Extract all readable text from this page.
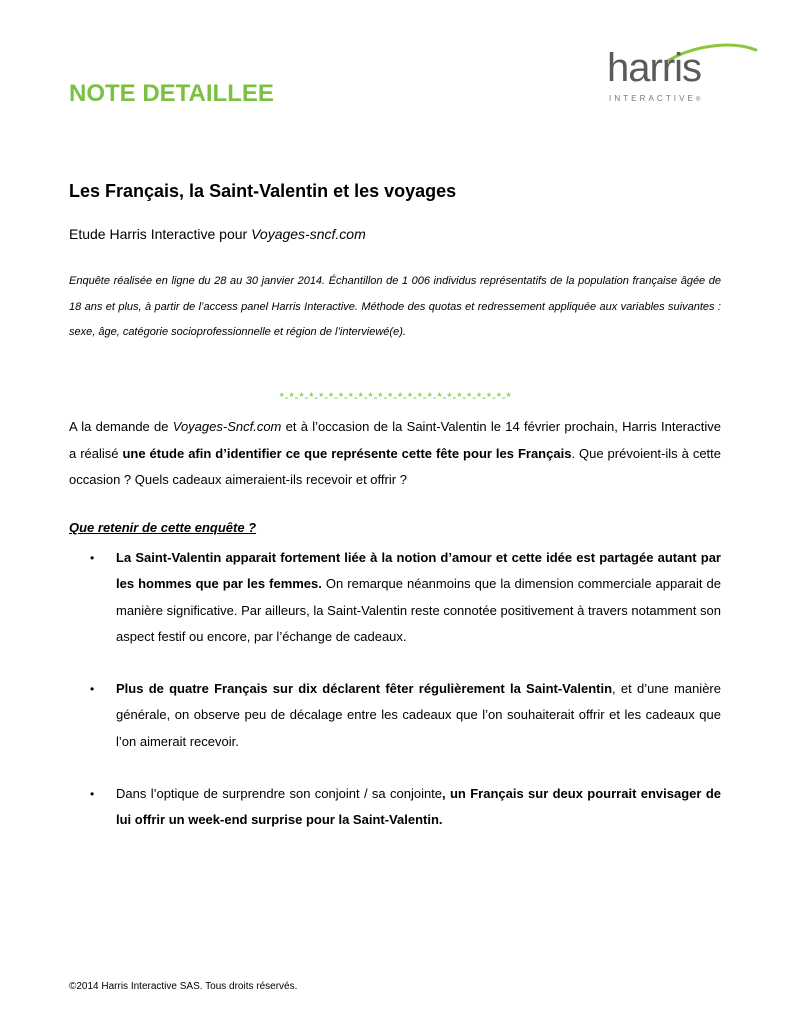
NOTE DETAILLEE
harris
INTERACTIVE®
Les Français, la Saint-Valentin et les voyages
Etude Harris Interactive pour Voyages-sncf.com
Enquête réalisée en ligne du 28 au 30 janvier 2014. Échantillon de 1 006 individus représentatifs de la population française âgée de 18 ans et plus, à partir de l’access panel Harris Interactive. Méthode des quotas et redressement appliquée aux variables suivantes : sexe, âge, catégorie socioprofessionnelle et région de l’interviewé(e).
*-*-*-*-*-*-*-*-*-*-*-*-*-*-*-*-*-*-*-*-*-*-*-*
A la demande de Voyages-Sncf.com et à l’occasion de la Saint-Valentin le 14 février prochain, Harris Interactive a réalisé une étude afin d’identifier ce que représente cette fête pour les Français. Que prévoient-ils à cette occasion ? Quels cadeaux aimeraient-ils recevoir et offrir ?
Que retenir de cette enquête ?
• La Saint-Valentin apparait fortement liée à la notion d’amour et cette idée est partagée autant par les hommes que par les femmes. On remarque néanmoins que la dimension commerciale apparait de manière significative. Par ailleurs, la Saint-Valentin reste connotée positivement à travers notamment son aspect festif ou encore, par l’échange de cadeaux.
• Plus de quatre Français sur dix déclarent fêter régulièrement la Saint-Valentin, et d’une manière générale, on observe peu de décalage entre les cadeaux que l’on souhaiterait offrir et les cadeaux que l’on aimerait recevoir.
• Dans l’optique de surprendre son conjoint / sa conjointe, un Français sur deux pourrait envisager de lui offrir un week-end surprise pour la Saint-Valentin.
©2014 Harris Interactive SAS. Tous droits réservés.
